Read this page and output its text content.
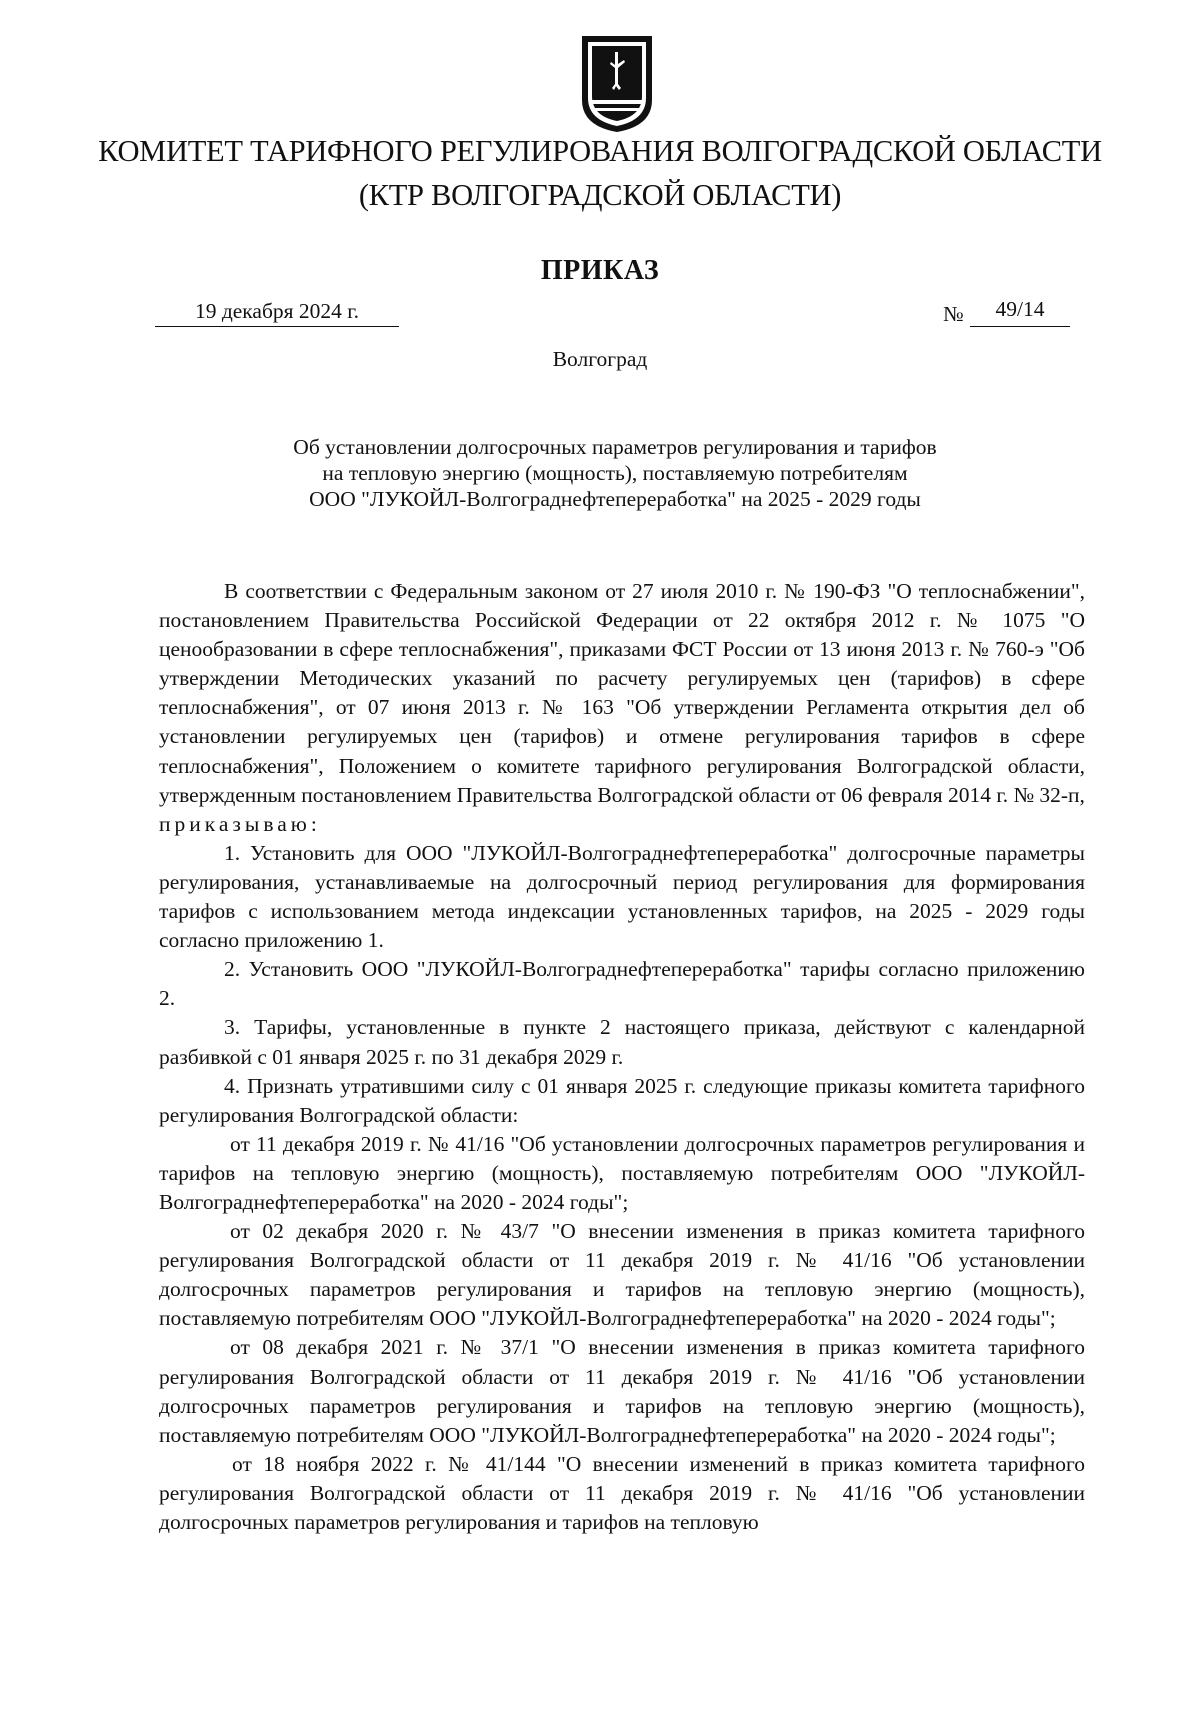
КОМИТЕТ ТАРИФНОГО РЕГУЛИРОВАНИЯ ВОЛГОГРАДСКОЙ ОБЛАСТИ
(КТР ВОЛГОГРАДСКОЙ ОБЛАСТИ)
ПРИКАЗ
19 декабря 2024 г.	№	49/14
Волгоград
Об установлении долгосрочных параметров регулирования и тарифов
на тепловую энергию (мощность), поставляемую потребителям
ООО "ЛУКОЙЛ-Волгограднефтепереработка" на 2025 - 2029 годы

В соответствии с Федеральным законом от 27 июля 2010 г. № 190-ФЗ "О теплоснабжении", постановлением Правительства Российской Федерации от 22 октября 2012 г. № 1075 "О ценообразовании в сфере теплоснабжения", приказами ФСТ России от 13 июня 2013 г. № 760-э "Об утверждении Методических указаний по расчету регулируемых цен (тарифов) в сфере теплоснабжения", от 07 июня 2013 г. № 163 "Об утверждении Регламента открытия дел об установлении регулируемых цен (тарифов) и отмене регулирования тарифов в сфере теплоснабжения", Положением о комитете тарифного регулирования Волгоградской области, утвержденным постановлением Правительства Волгоградской области от 06 февраля 2014 г. № 32-п,

приказываю:

1. Установить для ООО "ЛУКОЙЛ-Волгограднефтепереработка" долгосрочные параметры регулирования, устанавливаемые на долгосрочный период регулирования для формирования тарифов с использованием метода индексации установленных тарифов, на 2025 - 2029 годы согласно приложению 1.

2. Установить ООО "ЛУКОЙЛ-Волгограднефтепереработка" тарифы согласно приложению 2.

3. Тарифы, установленные в пункте 2 настоящего приказа, действуют с календарной разбивкой с 01 января 2025 г. по 31 декабря 2029 г.

4. Признать утратившими силу с 01 января 2025 г. следующие приказы комитета тарифного регулирования Волгоградской области:

от 11 декабря 2019 г. № 41/16 "Об установлении долгосрочных параметров регулирования и тарифов на тепловую энергию (мощность), поставляемую потребителям ООО "ЛУКОЙЛ-Волгограднефтепереработка" на 2020 - 2024 годы";

от 02 декабря 2020 г. № 43/7 "О внесении изменения в приказ комитета тарифного регулирования Волгоградской области от 11 декабря 2019 г. № 41/16 "Об установлении долгосрочных параметров регулирования и тарифов на тепловую энергию (мощность), поставляемую потребителям ООО "ЛУКОЙЛ-Волгограднефтепереработка" на 2020 - 2024 годы";

от 08 декабря 2021 г. № 37/1 "О внесении изменения в приказ комитета тарифного регулирования Волгоградской области от 11 декабря 2019 г. № 41/16 "Об установлении долгосрочных параметров регулирования и тарифов на тепловую энергию (мощность), поставляемую потребителям ООО "ЛУКОЙЛ-Волгограднефтепереработка" на 2020 - 2024 годы";

от 18 ноября 2022 г. № 41/144 "О внесении изменений в приказ комитета тарифного регулирования Волгоградской области от 11 декабря 2019 г. № 41/16 "Об установлении долгосрочных параметров регулирования и тарифов на тепловую
